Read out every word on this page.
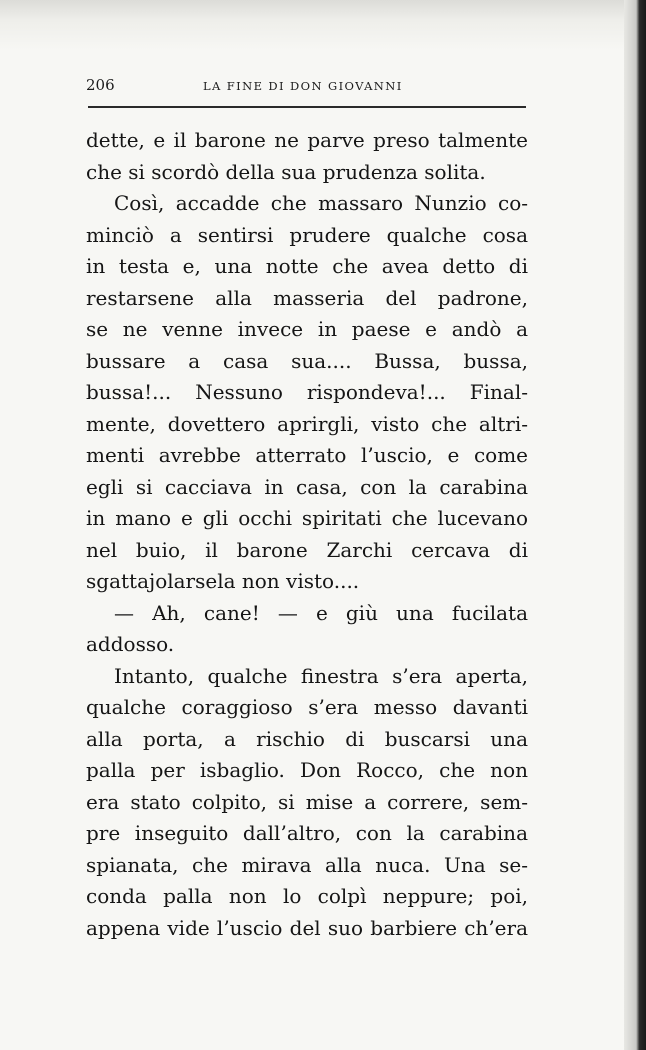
206	LA FINE DI DON GIOVANNI
dette, e il barone ne parve preso talmente
che si scordò della sua prudenza solita.
Così, accadde che massaro Nunzio co-
minciò a sentirsi prudere qualche cosa
in testa e, una notte che avea detto di
restarsene alla masseria del padrone,
se ne venne invece in paese e andò a
bussare a casa sua.... Bussa, bussa,
bussa!... Nessuno rispondeva!... Final-
mente, dovettero aprirgli, visto che altri-
menti avrebbe atterrato l’uscio, e come
egli si cacciava in casa, con la carabina
in mano e gli occhi spiritati che lucevano
nel buio, il barone Zarchi cercava di
sgattajolarsela non visto....
— Ah, cane! — e giù una fucilata
addosso.
Intanto, qualche finestra s’era aperta,
qualche coraggioso s’era messo davanti
alla porta, a rischio di buscarsi una
palla per isbaglio. Don Rocco, che non
era stato colpito, si mise a correre, sem-
pre inseguito dall’altro, con la carabina
spianata, che mirava alla nuca. Una se-
conda palla non lo colpì neppure; poi,
appena vide l’uscio del suo barbiere ch’era
